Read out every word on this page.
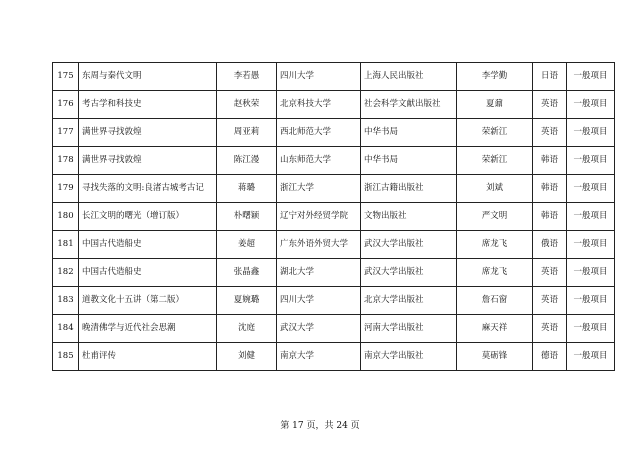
175	东周与秦代文明	李若愚	四川大学	上海人民出版社	李学勤	日语	一般项目
176	考古学和科技史	赵秋荣	北京科技大学	社会科学文献出版社	夏鼐	英语	一般项目
177	满世界寻找敦煌	周亚莉	西北师范大学	中华书局	荣新江	英语	一般项目
178	满世界寻找敦煌	陈江漫	山东师范大学	中华书局	荣新江	韩语	一般项目
179	寻找失落的文明:良渚古城考古记	蒋璐	浙江大学	浙江古籍出版社	刘斌	韩语	一般项目
180	长江文明的曙光（增订版）	朴曙颖	辽宁对外经贸学院	文物出版社	严文明	韩语	一般项目
181	中国古代造船史	姜超	广东外语外贸大学	武汉大学出版社	席龙飞	俄语	一般项目
182	中国古代造船史	张晶鑫	湖北大学	武汉大学出版社	席龙飞	英语	一般项目
183	道教文化十五讲（第二版）	夏婉璐	四川大学	北京大学出版社	詹石窗	英语	一般项目
184	晚清佛学与近代社会思潮	沈庭	武汉大学	河南大学出版社	麻天祥	英语	一般项目
185	杜甫评传	刘健	南京大学	南京大学出版社	莫砺锋	德语	一般项目
第 17 页，共 24 页
